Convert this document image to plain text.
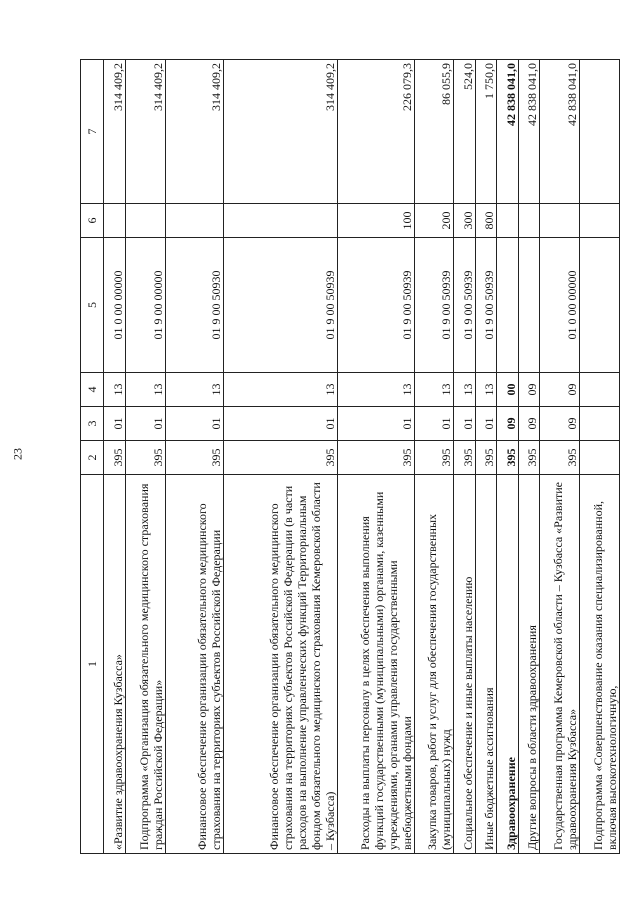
23
1	2	3	4	5	6	7
«Развитие здравоохранения Кузбасса»	395	01	13	01 0 00 00000		314 409,2
Подпрограмма «Организация обязательного медицинского страхования граждан Российской Федерации»	395	01	13	01 9 00 00000		314 409,2
Финансовое обеспечение организации обязательного медицинского страхования на территориях субъектов Российской Федерации	395	01	13	01 9 00 50930		314 409,2
Финансовое обеспечение организации обязательного медицинского страхования на территориях субъектов Российской Федерации (в части расходов на выполнение управленческих функций Территориальным фондом обязательного медицинского страхования Кемеровской области – Кузбасса)	395	01	13	01 9 00 50939		314 409,2
Расходы на выплаты персоналу в целях обеспечения выполнения функций государственными (муниципальными) органами, казенными учреждениями, органами управления государственными внебюджетными фондами	395	01	13	01 9 00 50939	100	226 079,3
Закупка товаров, работ и услуг для обеспечения государственных (муниципальных) нужд	395	01	13	01 9 00 50939	200	86 055,9
Социальное обеспечение и иные выплаты населению	395	01	13	01 9 00 50939	300	524,0
Иные бюджетные ассигнования	395	01	13	01 9 00 50939	800	1 750,0
Здравоохранение	395	09	00			42 838 041,0
Другие вопросы в области здравоохранения	395	09	09			42 838 041,0
Государственная программа Кемеровской области – Кузбасса «Развитие здравоохранения Кузбасса»	395	09	09	01 0 00 00000		42 838 041,0
Подпрограмма «Совершенствование оказания специализированной, включая высокотехнологичную,						
